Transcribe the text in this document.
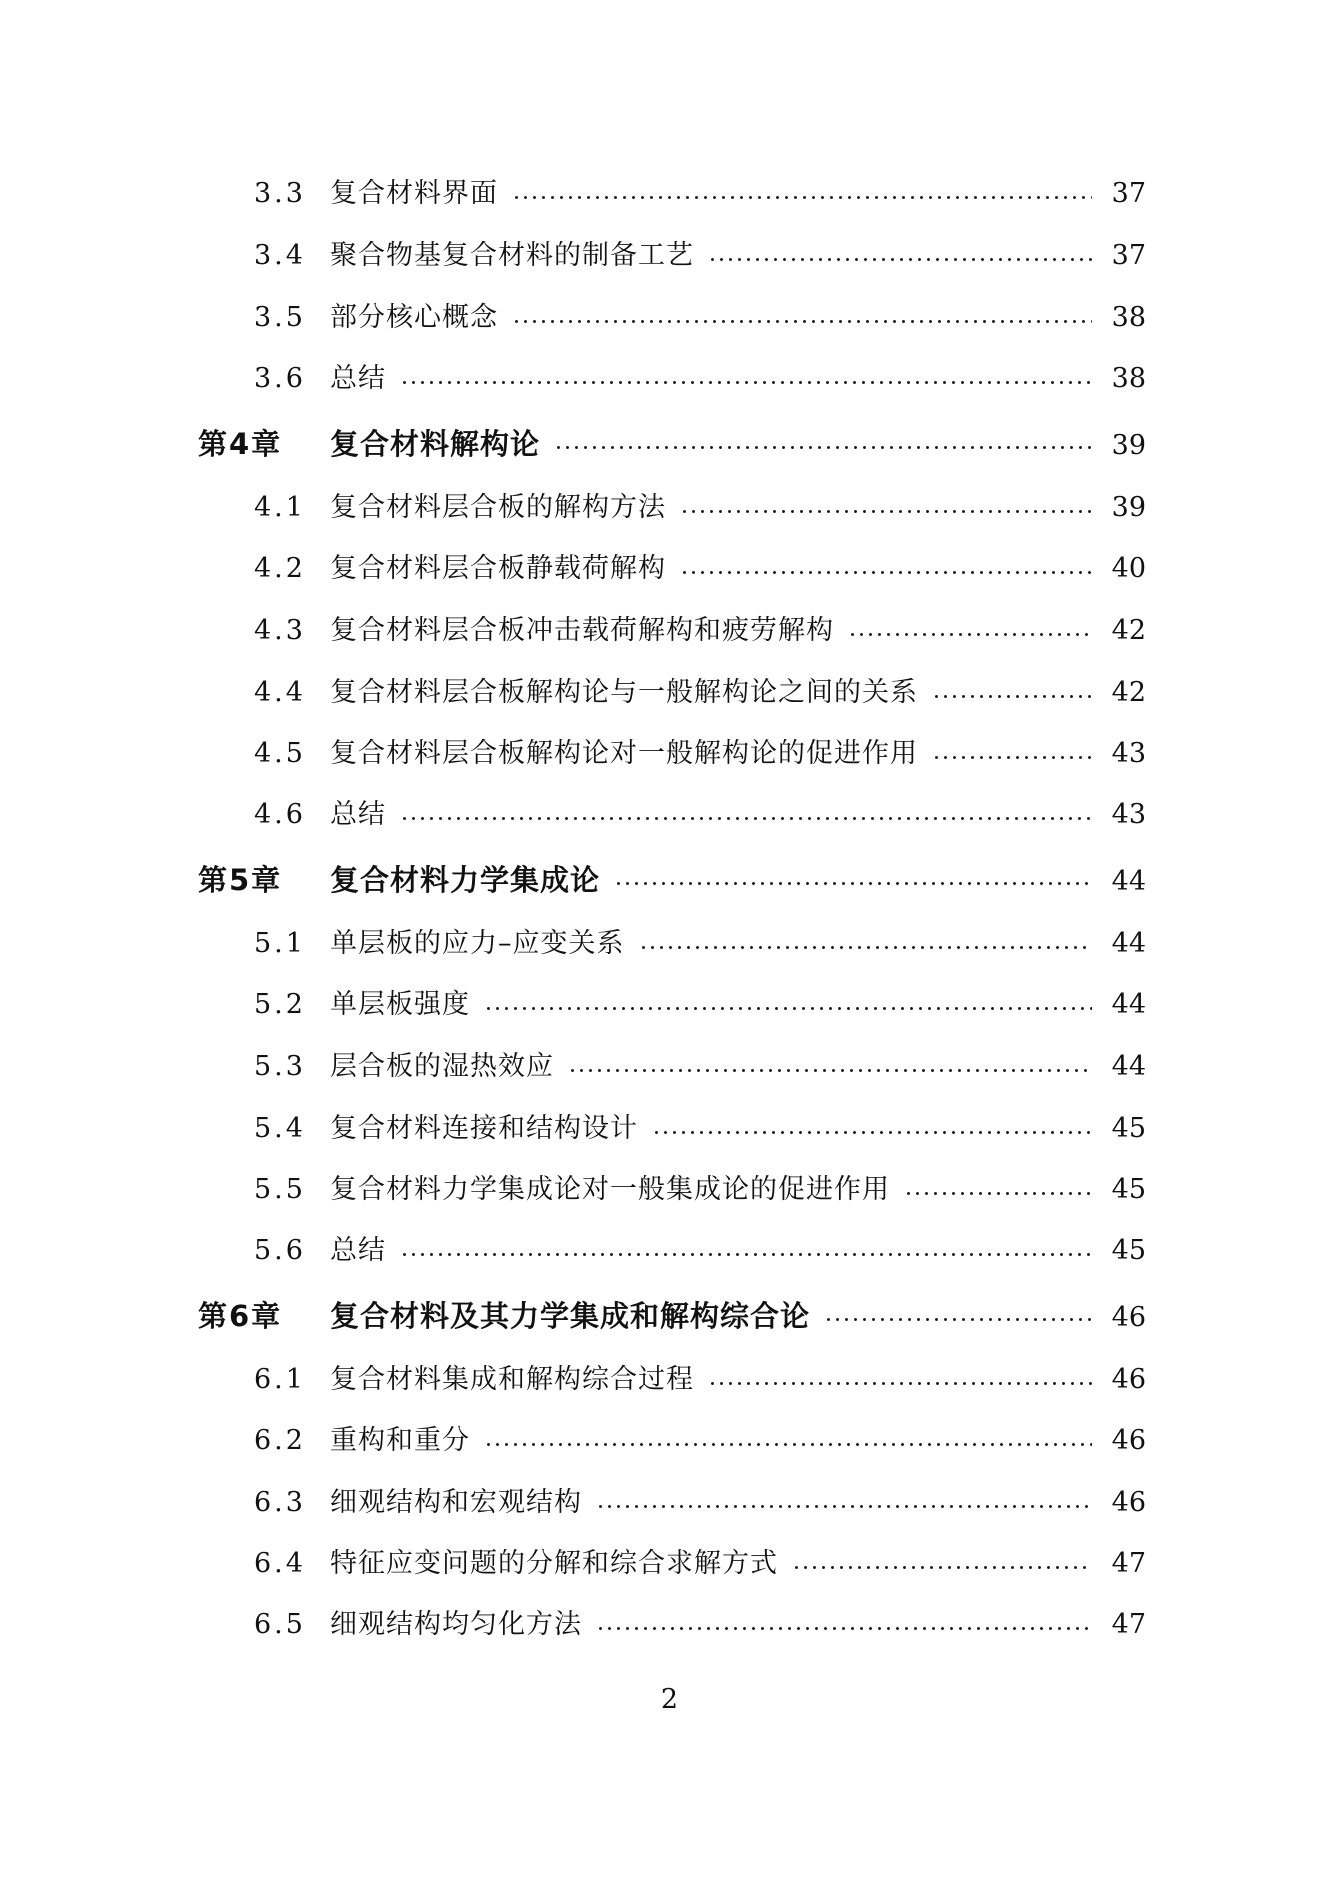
3.3 复合材料界面	37
3.4 聚合物基复合材料的制备工艺	37
3.5 部分核心概念	38
3.6 总结	38
第4章 复合材料解构论	39
4.1 复合材料层合板的解构方法	39
4.2 复合材料层合板静载荷解构	40
4.3 复合材料层合板冲击载荷解构和疲劳解构	42
4.4 复合材料层合板解构论与一般解构论之间的关系	42
4.5 复合材料层合板解构论对一般解构论的促进作用	43
4.6 总结	43
第5章 复合材料力学集成论	44
5.1 单层板的应力–应变关系	44
5.2 单层板强度	44
5.3 层合板的湿热效应	44
5.4 复合材料连接和结构设计	45
5.5 复合材料力学集成论对一般集成论的促进作用	45
5.6 总结	45
第6章 复合材料及其力学集成和解构综合论	46
6.1 复合材料集成和解构综合过程	46
6.2 重构和重分	46
6.3 细观结构和宏观结构	46
6.4 特征应变问题的分解和综合求解方式	47
6.5 细观结构均匀化方法	47
2
